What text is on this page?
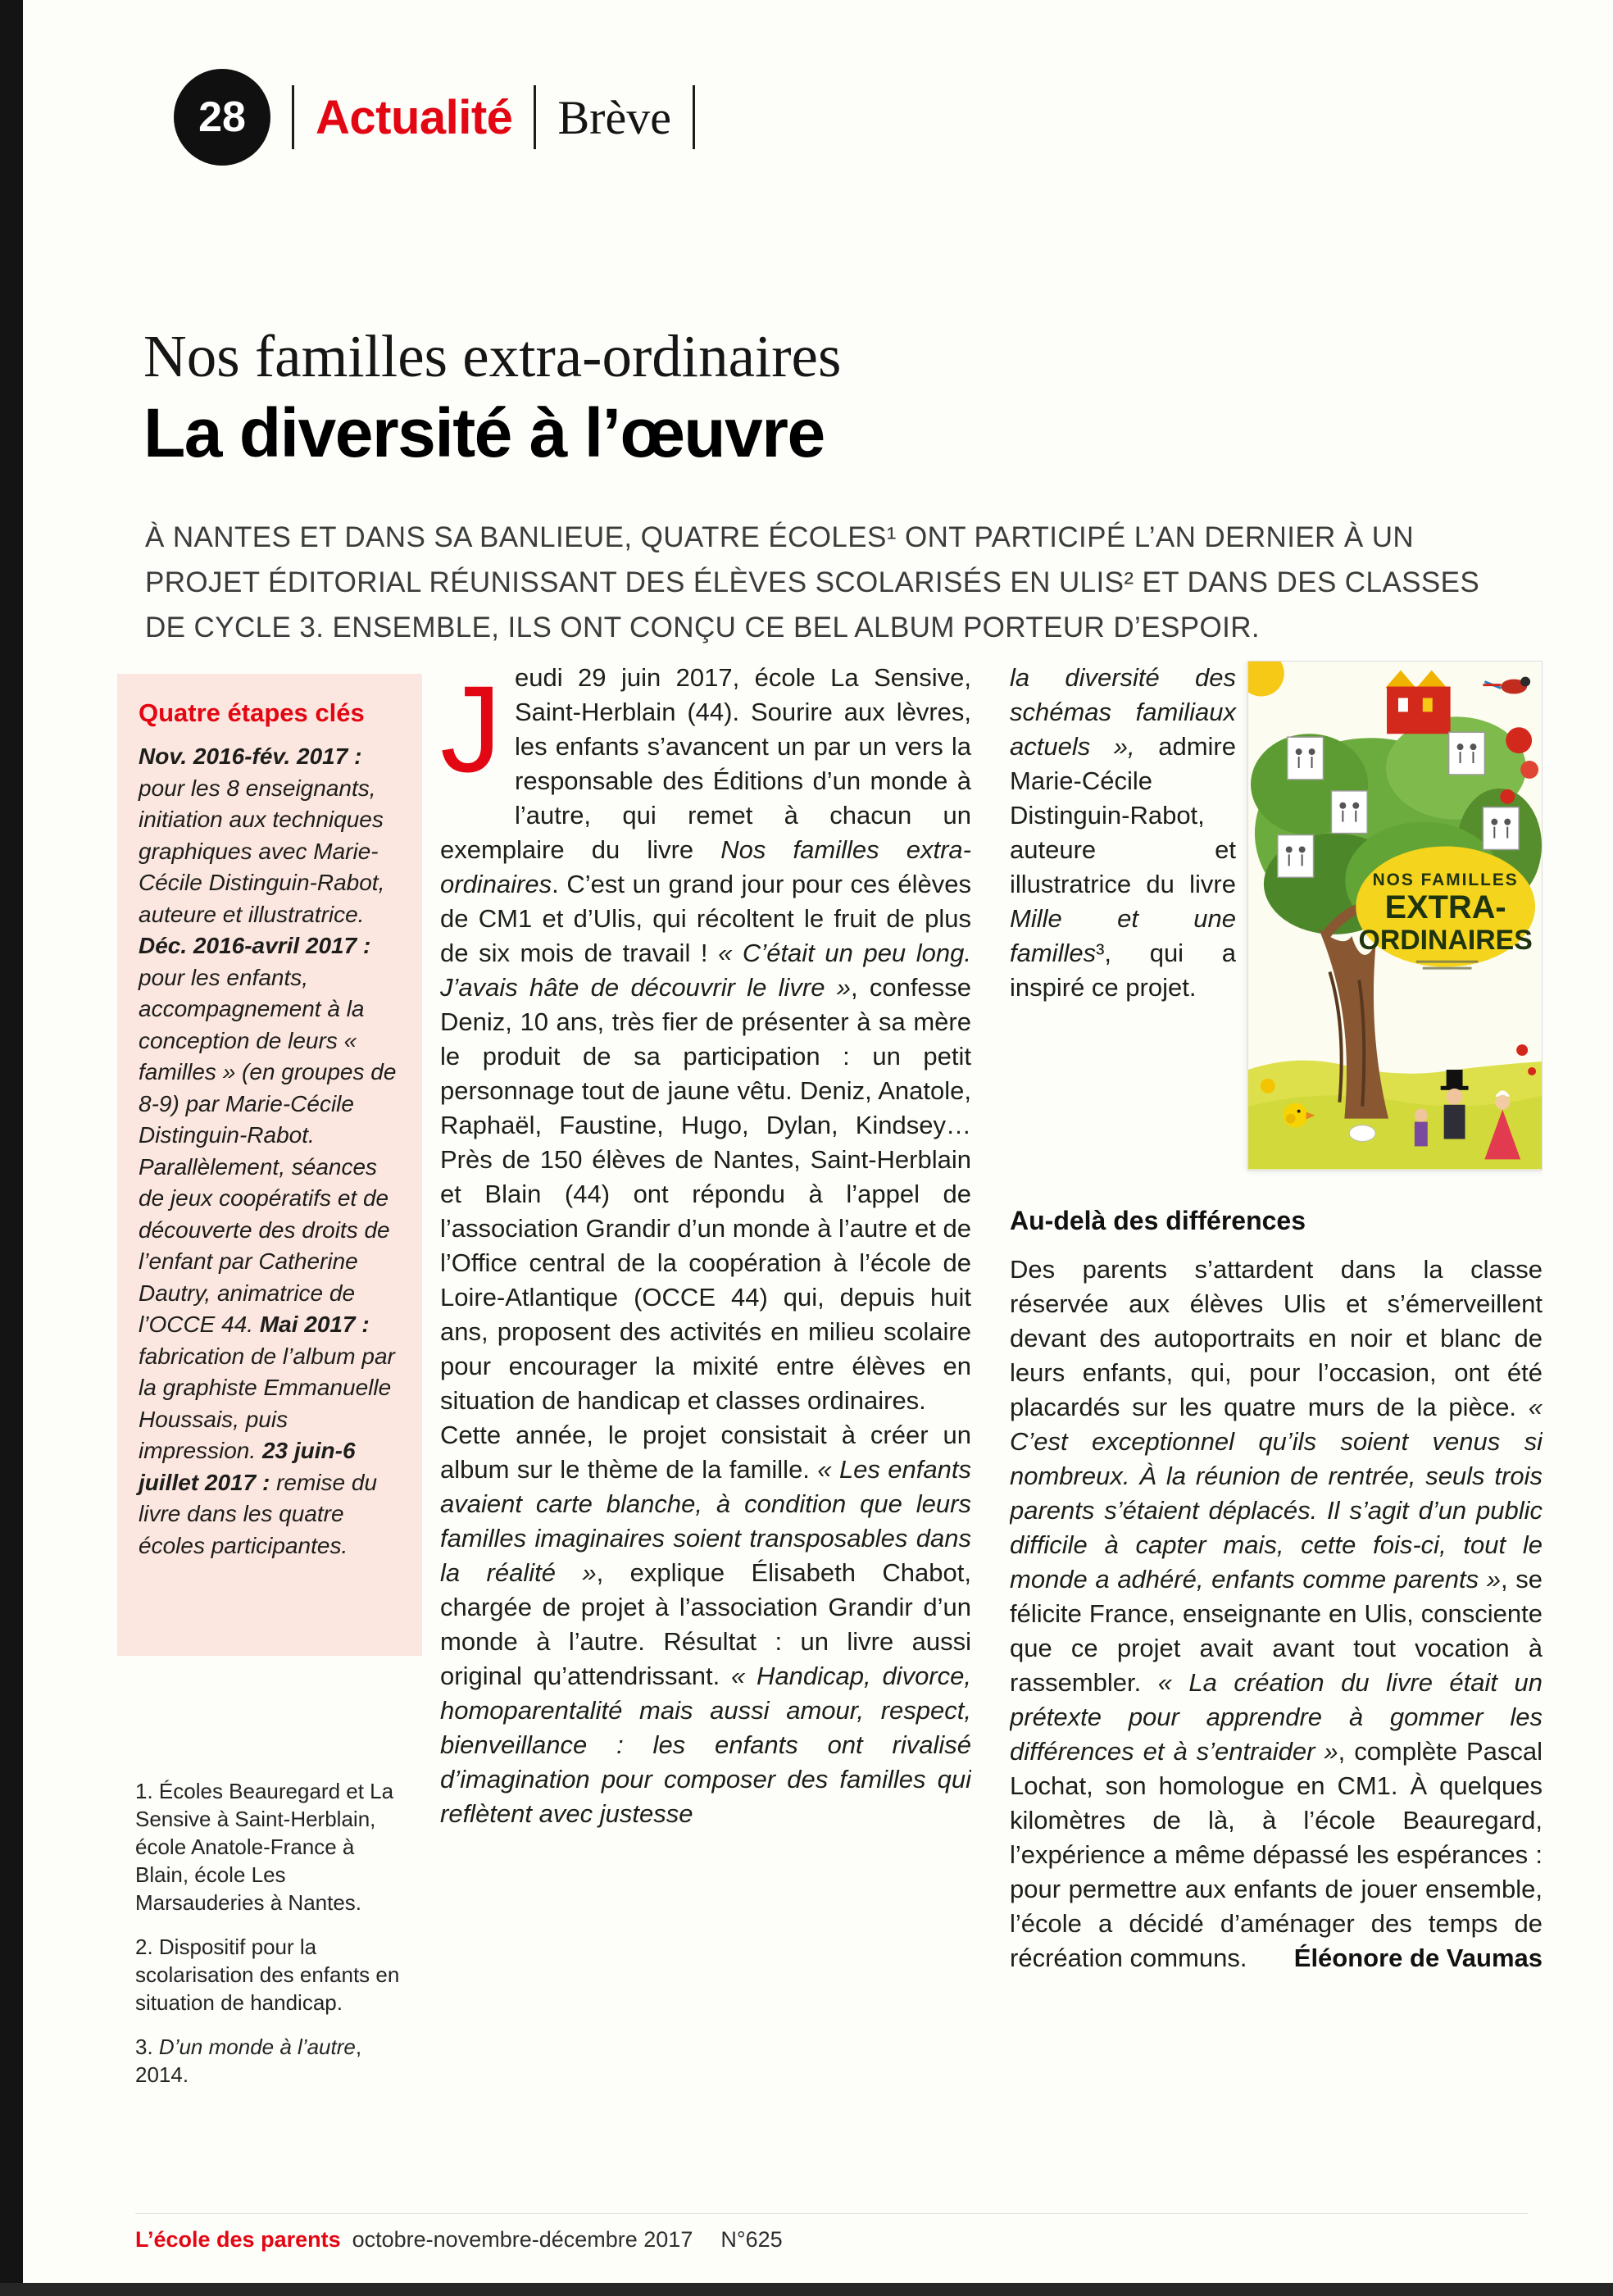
28	Actualité Brève
Nos familles extra-ordinaires
La diversité à l’œuvre

À NANTES ET DANS SA BANLIEUE, QUATRE ÉCOLES¹ ONT PARTICIPÉ L’AN DERNIER À UN PROJET ÉDITORIAL RÉUNISSANT DES ÉLÈVES SCOLARISÉS EN ULIS² ET DANS DES CLASSES DE CYCLE 3. ENSEMBLE, ILS ONT CONÇU CE BEL ALBUM PORTEUR D’ESPOIR.

Quatre étapes clés
Nov. 2016-fév. 2017 : pour les 8 enseignants, initiation aux techniques graphiques avec Marie-Cécile Distinguin-Rabot, auteure et illustratrice. Déc. 2016-avril 2017 : pour les enfants, accompagnement à la conception de leurs « familles » (en groupes de 8-9) par Marie-Cécile Distinguin-Rabot. Parallèlement, séances de jeux coopératifs et de découverte des droits de l’enfant par Catherine Dautry, animatrice de l’OCCE 44. Mai 2017 : fabrication de l’album par la graphiste Emmanuelle Houssais, puis impression. 23 juin-6 juillet 2017 : remise du livre dans les quatre écoles participantes.
1. Écoles Beauregard et La Sensive à Saint-Herblain, école Anatole-France à Blain, école Les Marsauderies à Nantes.
2. Dispositif pour la scolarisation des enfants en situation de handicap.
3. D’un monde à l’autre, 2014.

Jeudi 29 juin 2017, école La Sensive, Saint-Herblain (44). Sourire aux lèvres, les enfants s’avancent un par un vers la responsable des Éditions d’un monde à l’autre, qui remet à chacun un exemplaire du livre Nos familles extra-ordinaires. C’est un grand jour pour ces élèves de CM1 et d’Ulis, qui récoltent le fruit de plus de six mois de travail ! « C’était un peu long. J’avais hâte de découvrir le livre », confesse Deniz, 10 ans, très fier de présenter à sa mère le produit de sa participation : un petit personnage tout de jaune vêtu. Deniz, Anatole, Raphaël, Faustine, Hugo, Dylan, Kindsey… Près de 150 élèves de Nantes, Saint-Herblain et Blain (44) ont répondu à l’appel de l’association Grandir d’un monde à l’autre et de l’Office central de la coopération à l’école de Loire-Atlantique (OCCE 44) qui, depuis huit ans, proposent des activités en milieu scolaire pour encourager la mixité entre élèves en situation de handicap et classes ordinaires.

Cette année, le projet consistait à créer un album sur le thème de la famille. « Les enfants avaient carte blanche, à condition que leurs familles imaginaires soient transposables dans la réalité », explique Élisabeth Chabot, chargée de projet à l’association Grandir d’un monde à l’autre. Résultat : un livre aussi original qu’attendrissant. « Handicap, divorce, homoparentalité mais aussi amour, respect, bienveillance : les enfants ont rivalisé d’imagination pour composer des familles qui reflètent avec justesse

la diversité des schémas familiaux actuels », admire Marie-Cécile Distinguin-Rabot, auteure et illustratrice du livre Mille et une familles³, qui a inspiré ce projet.
NOS FAMILLES
EXTRA-
ORDINAIRES
Au-delà des différences

Des parents s’attardent dans la classe réservée aux élèves Ulis et s’émerveillent devant des autoportraits en noir et blanc de leurs enfants, qui, pour l’occasion, ont été placardés sur les quatre murs de la pièce. « C’est exceptionnel qu’ils soient venus si nombreux. À la réunion de rentrée, seuls trois parents s’étaient déplacés. Il s’agit d’un public difficile à capter mais, cette fois-ci, tout le monde a adhéré, enfants comme parents », se félicite France, enseignante en Ulis, consciente que ce projet avait avant tout vocation à rassembler. « La création du livre était un prétexte pour apprendre à gommer les différences et à s’entraider », complète Pascal Lochat, son homologue en CM1. À quelques kilomètres de là, à l’école Beauregard, l’expérience a même dépassé les espérances : pour permettre aux enfants de jouer ensemble, l’école a décidé d’aménager des temps de récréation communs.	Éléonore de Vaumas
L’école des parents octobre-novembre-décembre 2017 N°625
